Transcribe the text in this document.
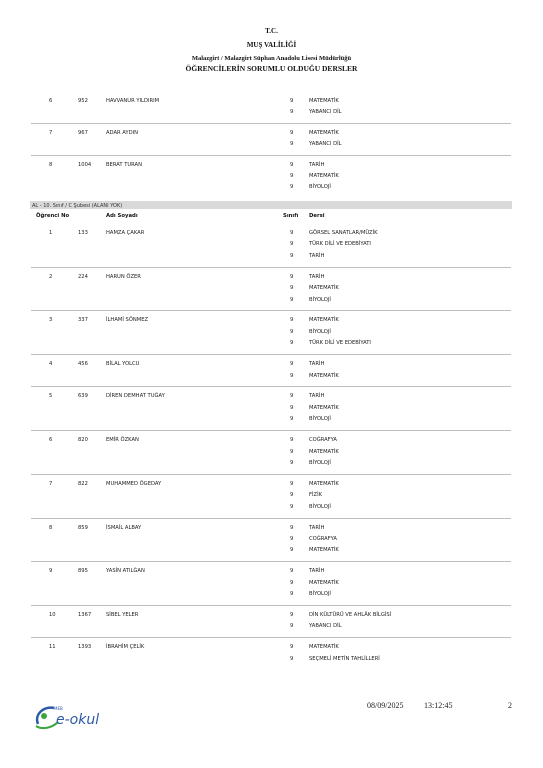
T.C.
MUŞ VALİLİĞİ
Malazgirt / Malazgirt Süphan Anadolu Lisesi Müdürlüğü
ÖĞRENCİLERİN SORUMLU OLDUĞU DERSLER
6	952	HAVVANUR YILDIRIM	9	MATEMATİK
9	YABANCI DİL
7	967	ADAR AYDIN	9	MATEMATİK
9	YABANCI DİL
8	1004	BERAT TURAN	9	TARİH
9	MATEMATİK
9	BİYOLOJİ
AL - 10. Sınıf / C Şubesi (ALANI YOK)
Öğrenci No	Adı Soyadı	Sınıfı Dersi
1	133	HAMZA ÇAKAR	9	GÖRSEL SANATLAR/MÜZİK
9	TÜRK DİLİ VE EDEBİYATI
9	TARİH
2	224	HARUN ÖZER	9	TARİH
9	MATEMATİK
9	BİYOLOJİ
3	337	İLHAMİ SÖNMEZ	9	MATEMATİK
9	BİYOLOJİ
9	TÜRK DİLİ VE EDEBİYATI
4	456	BİLAL YOLCU	9	TARİH
9	MATEMATİK
5	639	DİREN DEMHAT TUĞAY	9	TARİH
9	MATEMATİK
9	BİYOLOJİ
6	820	EMİR ÖZKAN	9	COĞRAFYA
9	MATEMATİK
9	BİYOLOJİ
7	822	MUHAMMED ÖGEDAY	9	MATEMATİK
9	FİZİK
9	BİYOLOJİ
8	859	İSMAİL ALBAY	9	TARİH
9	COĞRAFYA
9	MATEMATİK
9	895	YASİN ATILĞAN	9	TARİH
9	MATEMATİK
9	BİYOLOJİ
10	1367	SİBEL YELER	9	DİN KÜLTÜRÜ VE AHLÂK BİLGİSİ
9	YABANCI DİL
11	1393	İBRAHİM ÇELİK	9	MATEMATİK
9	SEÇMELİ METİN TAHLİLLERİ
MEB
e-okul
08/09/2025	13:12:45	2
